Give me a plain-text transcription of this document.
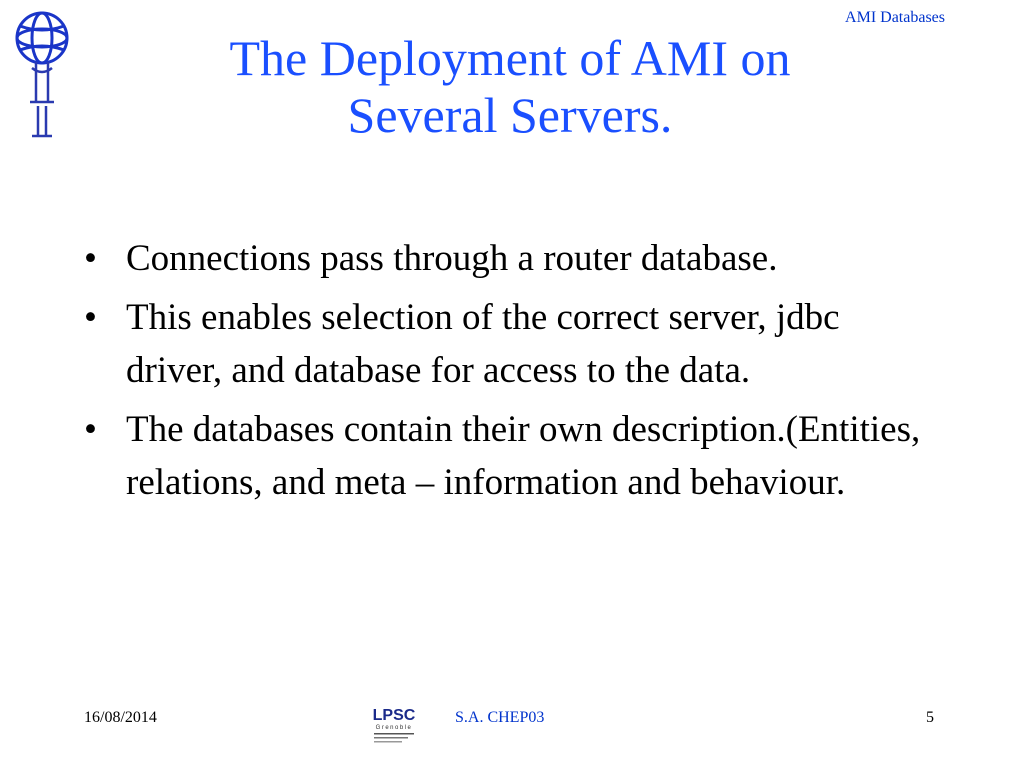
AMI Databases
The Deployment of AMI on
Several Servers.
• Connections pass through a router database.
• This enables selection of the correct server, jdbc driver, and database for access to the data.
• The databases contain their own description.(Entities, relations, and meta – information and behaviour.
16/08/2014	LPSC
Grenoble
S.A. CHEP03	5
